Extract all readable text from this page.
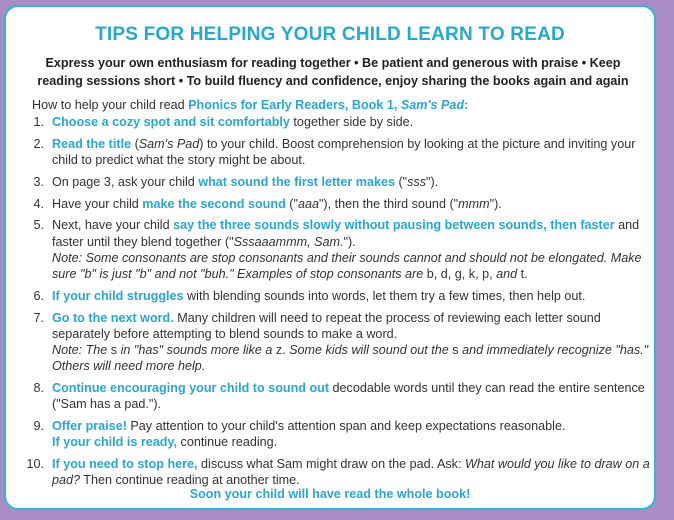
TIPS FOR HELPING YOUR CHILD LEARN TO READ
Express your own enthusiasm for reading together • Be patient and generous with praise • Keep reading sessions short • To build fluency and confidence, enjoy sharing the books again and again
How to help your child read Phonics for Early Readers, Book 1, Sam's Pad:
1. Choose a cozy spot and sit comfortably together side by side.
2. Read the title (Sam's Pad) to your child. Boost comprehension by looking at the picture and inviting your child to predict what the story might be about.
3. On page 3, ask your child what sound the first letter makes ("sss").
4. Have your child make the second sound ("aaa"), then the third sound ("mmm").
5. Next, have your child say the three sounds slowly without pausing between sounds, then faster and faster until they blend together ("Sssaaammm, Sam.").
Note: Some consonants are stop consonants and their sounds cannot and should not be elongated. Make sure "b" is just "b" and not "buh." Examples of stop consonants are b, d, g, k, p, and t.
6. If your child struggles with blending sounds into words, let them try a few times, then help out.
7. Go to the next word. Many children will need to repeat the process of reviewing each letter sound separately before attempting to blend sounds to make a word.
Note: The s in "has" sounds more like a z. Some kids will sound out the s and immediately recognize "has." Others will need more help.
8. Continue encouraging your child to sound out decodable words until they can read the entire sentence ("Sam has a pad.").
9. Offer praise! Pay attention to your child's attention span and keep expectations reasonable.
If your child is ready, continue reading.
10. If you need to stop here, discuss what Sam might draw on the pad. Ask: What would you like to draw on a pad? Then continue reading at another time.
Soon your child will have read the whole book!
